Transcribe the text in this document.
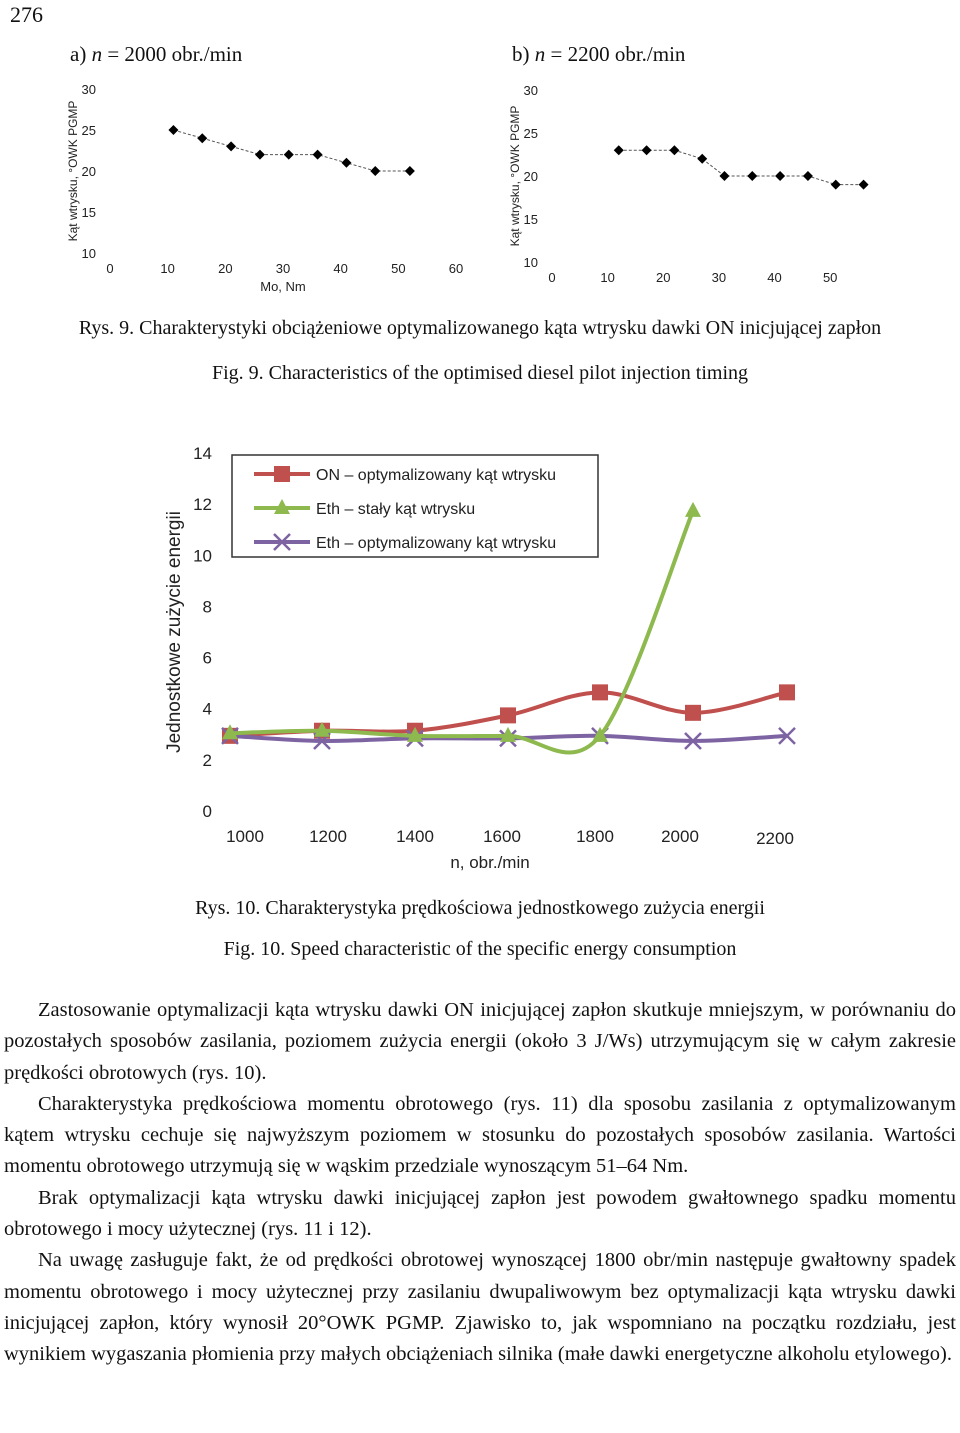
276
a) n = 2000 obr./min	b) n = 2200 obr./min
10
15
20
25
30
0	10	20	30	40	50	60
Kąt wtrysku, °OWK PGMP
Mo, Nm
10
15
20
25
30
0	10	20	30	40	50
Kąt wtrysku, °OWK PGMP
Rys. 9. Charakterystyki obciążeniowe optymalizowanego kąta wtrysku dawki ON inicjującej zapłon
Fig. 9. Characteristics of the optimised diesel pilot injection timing
0
2
4
6
8
10
12
14
1000	1200	1400	1600	1800	2000	2200
Jednostkowe zużycie energii
n, obr./min
ON – optymalizowany kąt wtrysku
Eth – stały kąt wtrysku
Eth – optymalizowany kąt wtrysku
Rys. 10. Charakterystyka prędkościowa jednostkowego zużycia energii
Fig. 10. Speed characteristic of the specific energy consumption

Zastosowanie optymalizacji kąta wtrysku dawki ON inicjującej zapłon skutkuje mniejszym, w porównaniu do pozostałych sposobów zasilania, poziomem zużycia energii (około 3 J/Ws) utrzymującym się w całym zakresie prędkości obrotowych (rys. 10).

Charakterystyka prędkościowa momentu obrotowego (rys. 11) dla sposobu zasilania z optymalizowanym kątem wtrysku cechuje się najwyższym poziomem w stosunku do pozostałych sposobów zasilania. Wartości momentu obrotowego utrzymują się w wąskim przedziale wynoszącym 51–64 Nm.

Brak optymalizacji kąta wtrysku dawki inicjującej zapłon jest powodem gwałtownego spadku momentu obrotowego i mocy użytecznej (rys. 11 i 12).

Na uwagę zasługuje fakt, że od prędkości obrotowej wynoszącej 1800 obr/min następuje gwałtowny spadek momentu obrotowego i mocy użytecznej przy zasilaniu dwupaliwowym bez optymalizacji kąta wtrysku dawki inicjującej zapłon, który wynosił 20°OWK PGMP. Zjawisko to, jak wspomniano na początku rozdziału, jest wynikiem wygaszania płomienia przy małych obciążeniach silnika (małe dawki energetyczne alkoholu etylowego).
